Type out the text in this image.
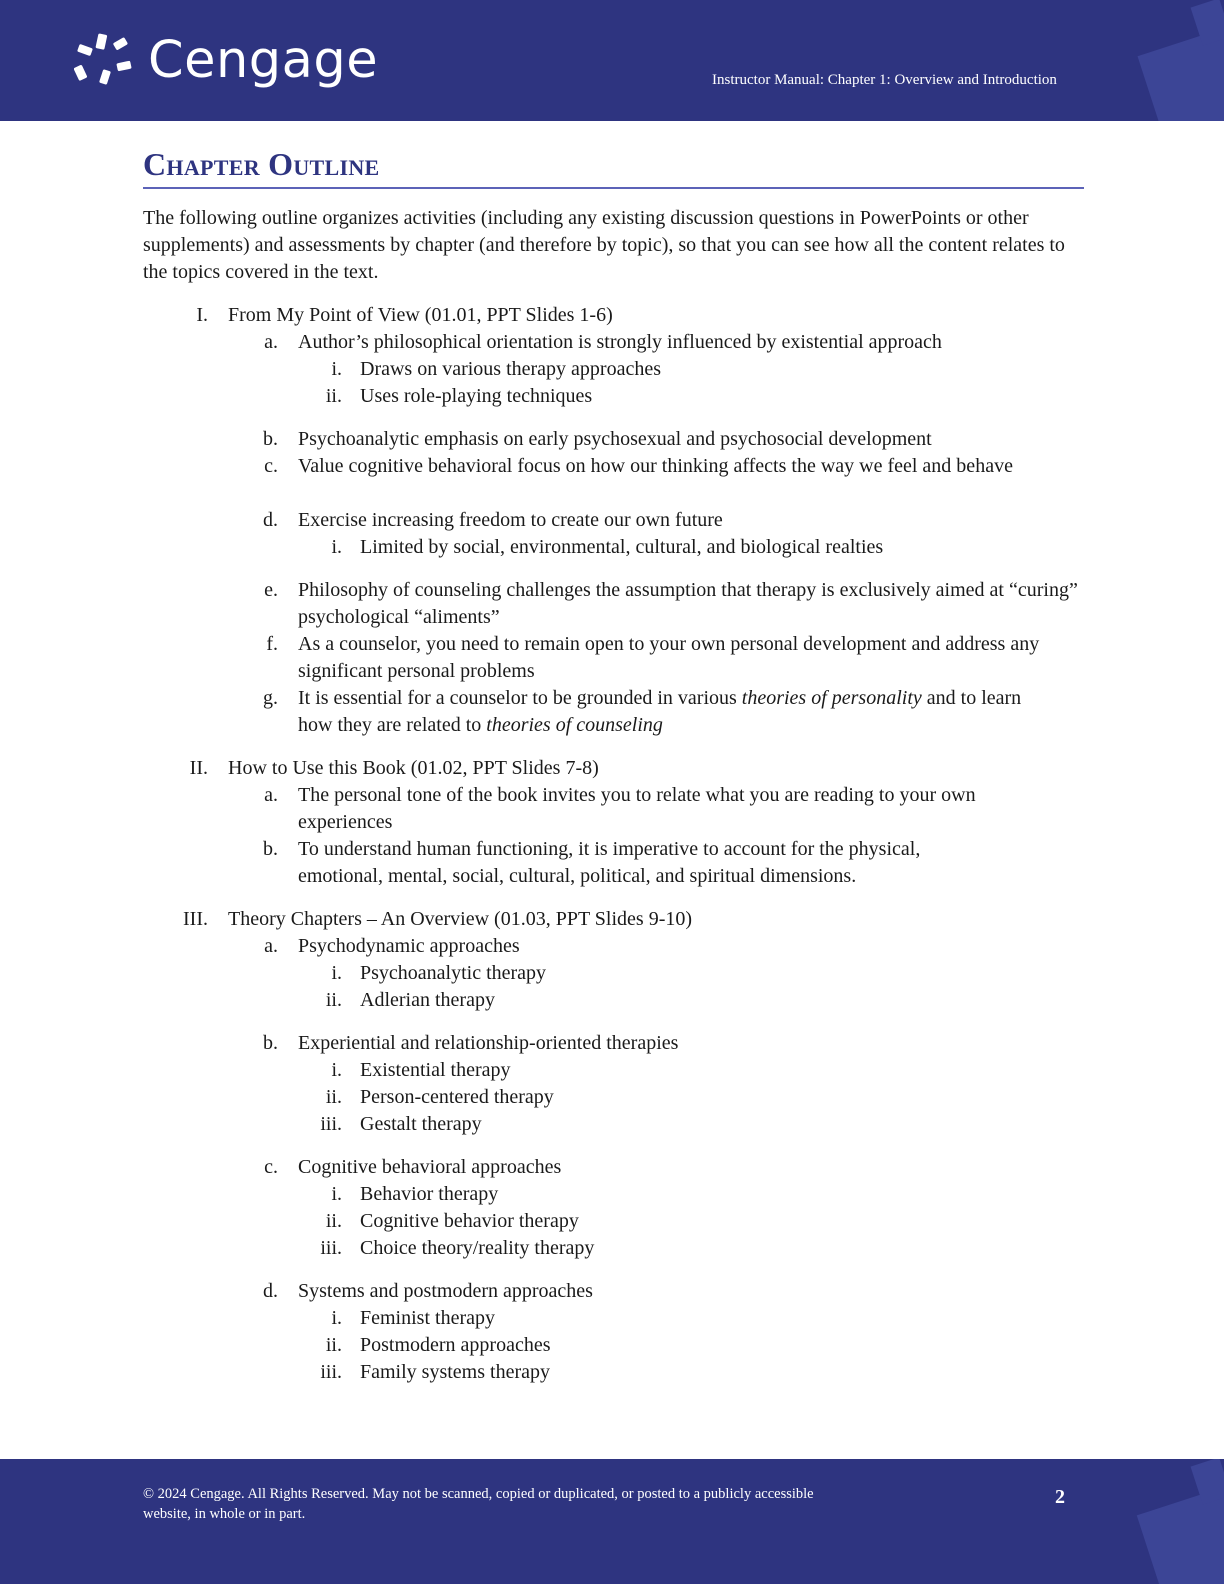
Cengage	Instructor Manual: Chapter 1: Overview and Introduction
Chapter Outline

The following outline organizes activities (including any existing discussion questions in PowerPoints or other supplements) and assessments by chapter (and therefore by topic), so that you can see how all the content relates to the topics covered in the text.

I. From My Point of View (01.01, PPT Slides 1-6)
a. Author’s philosophical orientation is strongly influenced by existential approach
i. Draws on various therapy approaches
ii. Uses role-playing techniques
b. Psychoanalytic emphasis on early psychosexual and psychosocial development
c. Value cognitive behavioral focus on how our thinking affects the way we feel and behave
d. Exercise increasing freedom to create our own future
i. Limited by social, environmental, cultural, and biological realties
e. Philosophy of counseling challenges the assumption that therapy is exclusively aimed at “curing” psychological “aliments”
f. As a counselor, you need to remain open to your own personal development and address any significant personal problems
g. It is essential for a counselor to be grounded in various theories of personality and to learn how they are related to theories of counseling
II. How to Use this Book (01.02, PPT Slides 7-8)
a. The personal tone of the book invites you to relate what you are reading to your own experiences
b. To understand human functioning, it is imperative to account for the physical, emotional, mental, social, cultural, political, and spiritual dimensions.
III. Theory Chapters – An Overview (01.03, PPT Slides 9-10)
a. Psychodynamic approaches
i. Psychoanalytic therapy
ii. Adlerian therapy
b. Experiential and relationship-oriented therapies
i. Existential therapy
ii. Person-centered therapy
iii. Gestalt therapy
c. Cognitive behavioral approaches
i. Behavior therapy
ii. Cognitive behavior therapy
iii. Choice theory/reality therapy
d. Systems and postmodern approaches
i. Feminist therapy
ii. Postmodern approaches
iii. Family systems therapy

© 2024 Cengage. All Rights Reserved. May not be scanned, copied or duplicated, or posted to a publicly accessible website, in whole or in part.

2
